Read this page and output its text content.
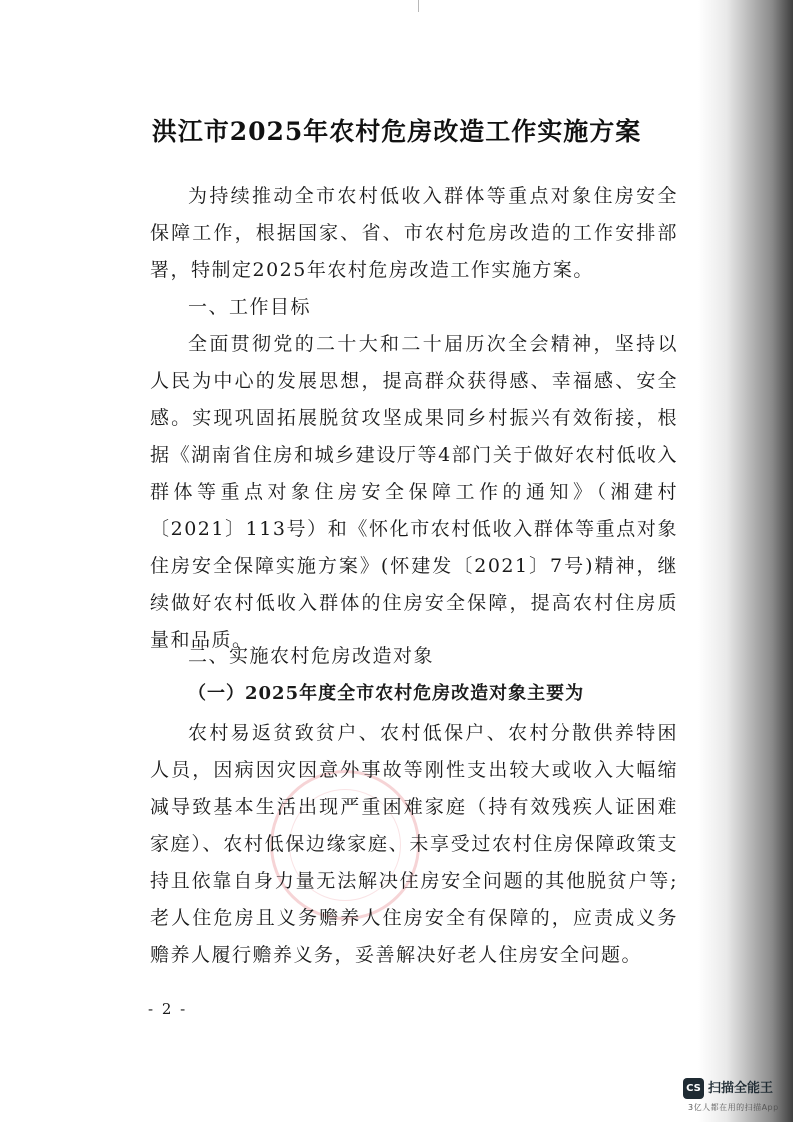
洪江市2025年农村危房改造工作实施方案

为持续推动全市农村低收入群体等重点对象住房安全保障工作，根据国家、省、市农村危房改造的工作安排部署，特制定2025年农村危房改造工作实施方案。

一、工作目标

全面贯彻党的二十大和二十届历次全会精神，坚持以人民为中心的发展思想，提高群众获得感、幸福感、安全感。实现巩固拓展脱贫攻坚成果同乡村振兴有效衔接，根据《湖南省住房和城乡建设厅等4部门关于做好农村低收入群体等重点对象住房安全保障工作的通知》（湘建村〔2021〕113号）和《怀化市农村低收入群体等重点对象住房安全保障实施方案》(怀建发〔2021〕7号)精神，继续做好农村低收入群体的住房安全保障，提高农村住房质量和品质。

二、实施农村危房改造对象
（一）2025年度全市农村危房改造对象主要为

农村易返贫致贫户、农村低保户、农村分散供养特困人员，因病因灾因意外事故等刚性支出较大或收入大幅缩减导致基本生活出现严重困难家庭（持有效残疾人证困难家庭）、农村低保边缘家庭、未享受过农村住房保障政策支持且依靠自身力量无法解决住房安全问题的其他脱贫户等;老人住危房且义务赡养人住房安全有保障的，应责成义务赡养人履行赡养义务，妥善解决好老人住房安全问题。

- 2 -
CS 扫描全能王
3亿人都在用的扫描App
